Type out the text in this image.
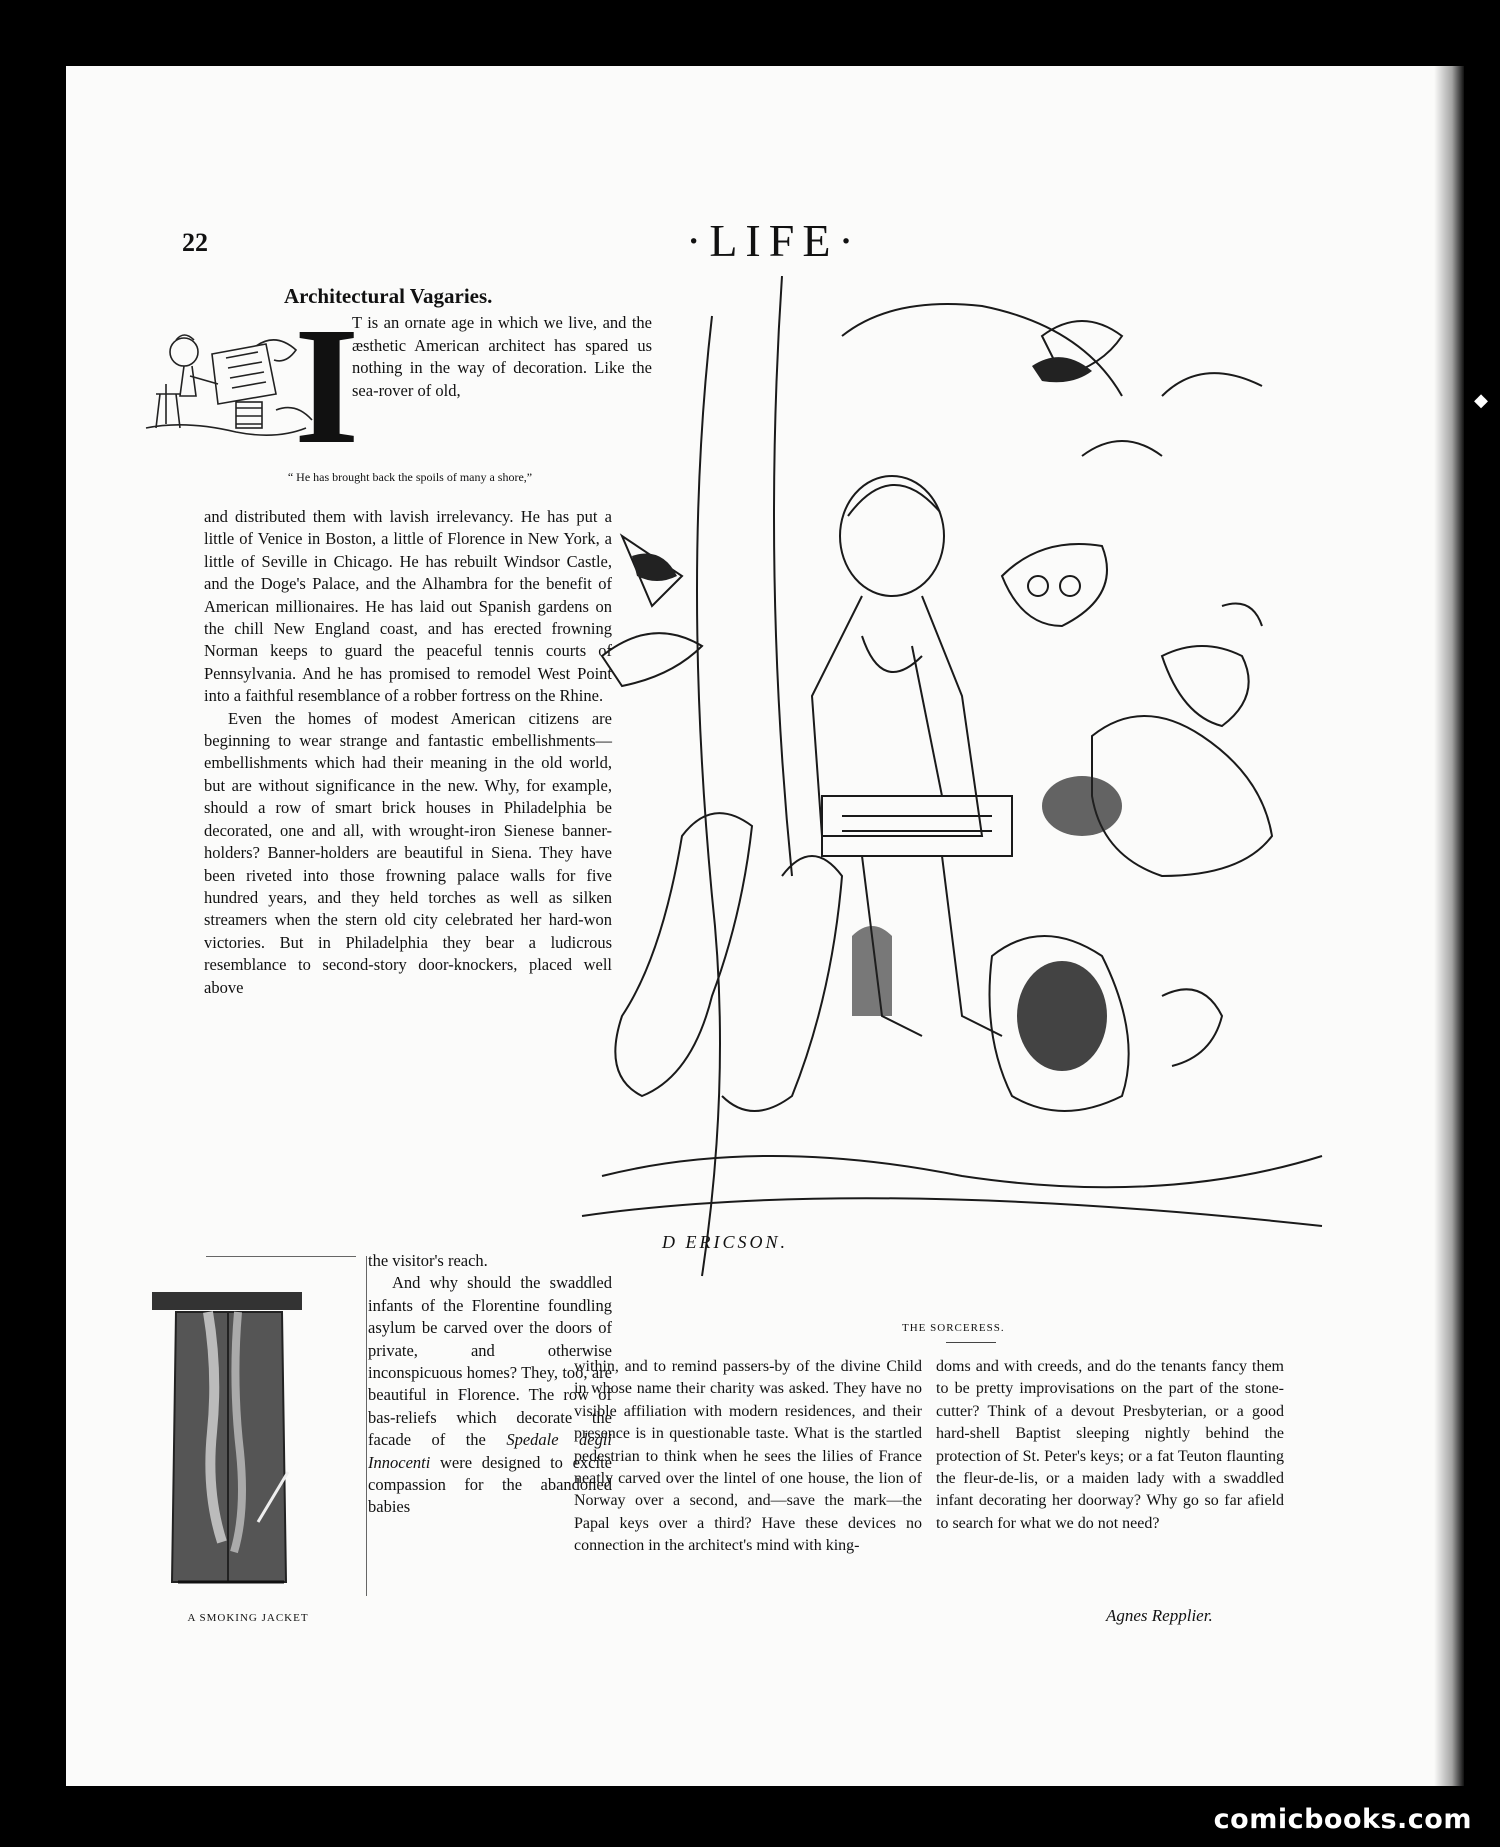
22	·LIFE·
Architectural Vagaries.
I
T is an ornate age in which we live, and the æsthetic American architect has spared us nothing in the way of decoration. Like the sea-rover of old,
“ He has brought back the spoils of many a shore,”

and distributed them with lavish irrelevancy. He has put a little of Venice in Boston, a little of Florence in New York, a little of Seville in Chicago. He has rebuilt Windsor Castle, and the Doge's Palace, and the Alhambra for the benefit of American millionaires. He has laid out Spanish gardens on the chill New England coast, and has erected frowning Norman keeps to guard the peaceful tennis courts of Pennsylvania. And he has promised to remodel West Point into a faithful resemblance of a robber fortress on the Rhine.

Even the homes of modest American citizens are beginning to wear strange and fantastic embellishments—embellishments which had their meaning in the old world, but are without significance in the new. Why, for example, should a row of smart brick houses in Philadelphia be decorated, one and all, with wrought-iron Sienese banner-holders? Banner-holders are beautiful in Siena. They have been riveted into those frowning palace walls for five hundred years, and they held torches as well as silken streamers when the stern old city celebrated her hard-won victories. But in Philadelphia they bear a ludicrous resemblance to second-story door-knockers, placed well above

A SMOKING JACKET

the visitor's reach.

And why should the swaddled infants of the Florentine foundling asylum be carved over the doors of private, and otherwise inconspicuous homes? They, too, are beautiful in Florence. The row of bas-reliefs which decorate the facade of the Spedale degli Innocenti were designed to excite compassion for the abandoned babies

D ERICSON.
THE SORCERESS.
within, and to remind passers-by of the divine Child in whose name their charity was asked. They have no visible affiliation with modern residences, and their presence is in questionable taste. What is the startled pedestrian to think when he sees the lilies of France neatly carved over the lintel of one house, the lion of Norway over a second, and—save the mark—the Papal keys over a third? Have these devices no connection in the architect's mind with king-
doms and with creeds, and do the tenants fancy them to be pretty improvisations on the part of the stone-cutter? Think of a devout Presbyterian, or a good hard-shell Baptist sleeping nightly behind the protection of St. Peter's keys; or a fat Teuton flaunting the fleur-de-lis, or a maiden lady with a swaddled infant decorating her doorway? Why go so far afield to search for what we do not need?
Agnes Repplier.
◆
comicbooks.com
